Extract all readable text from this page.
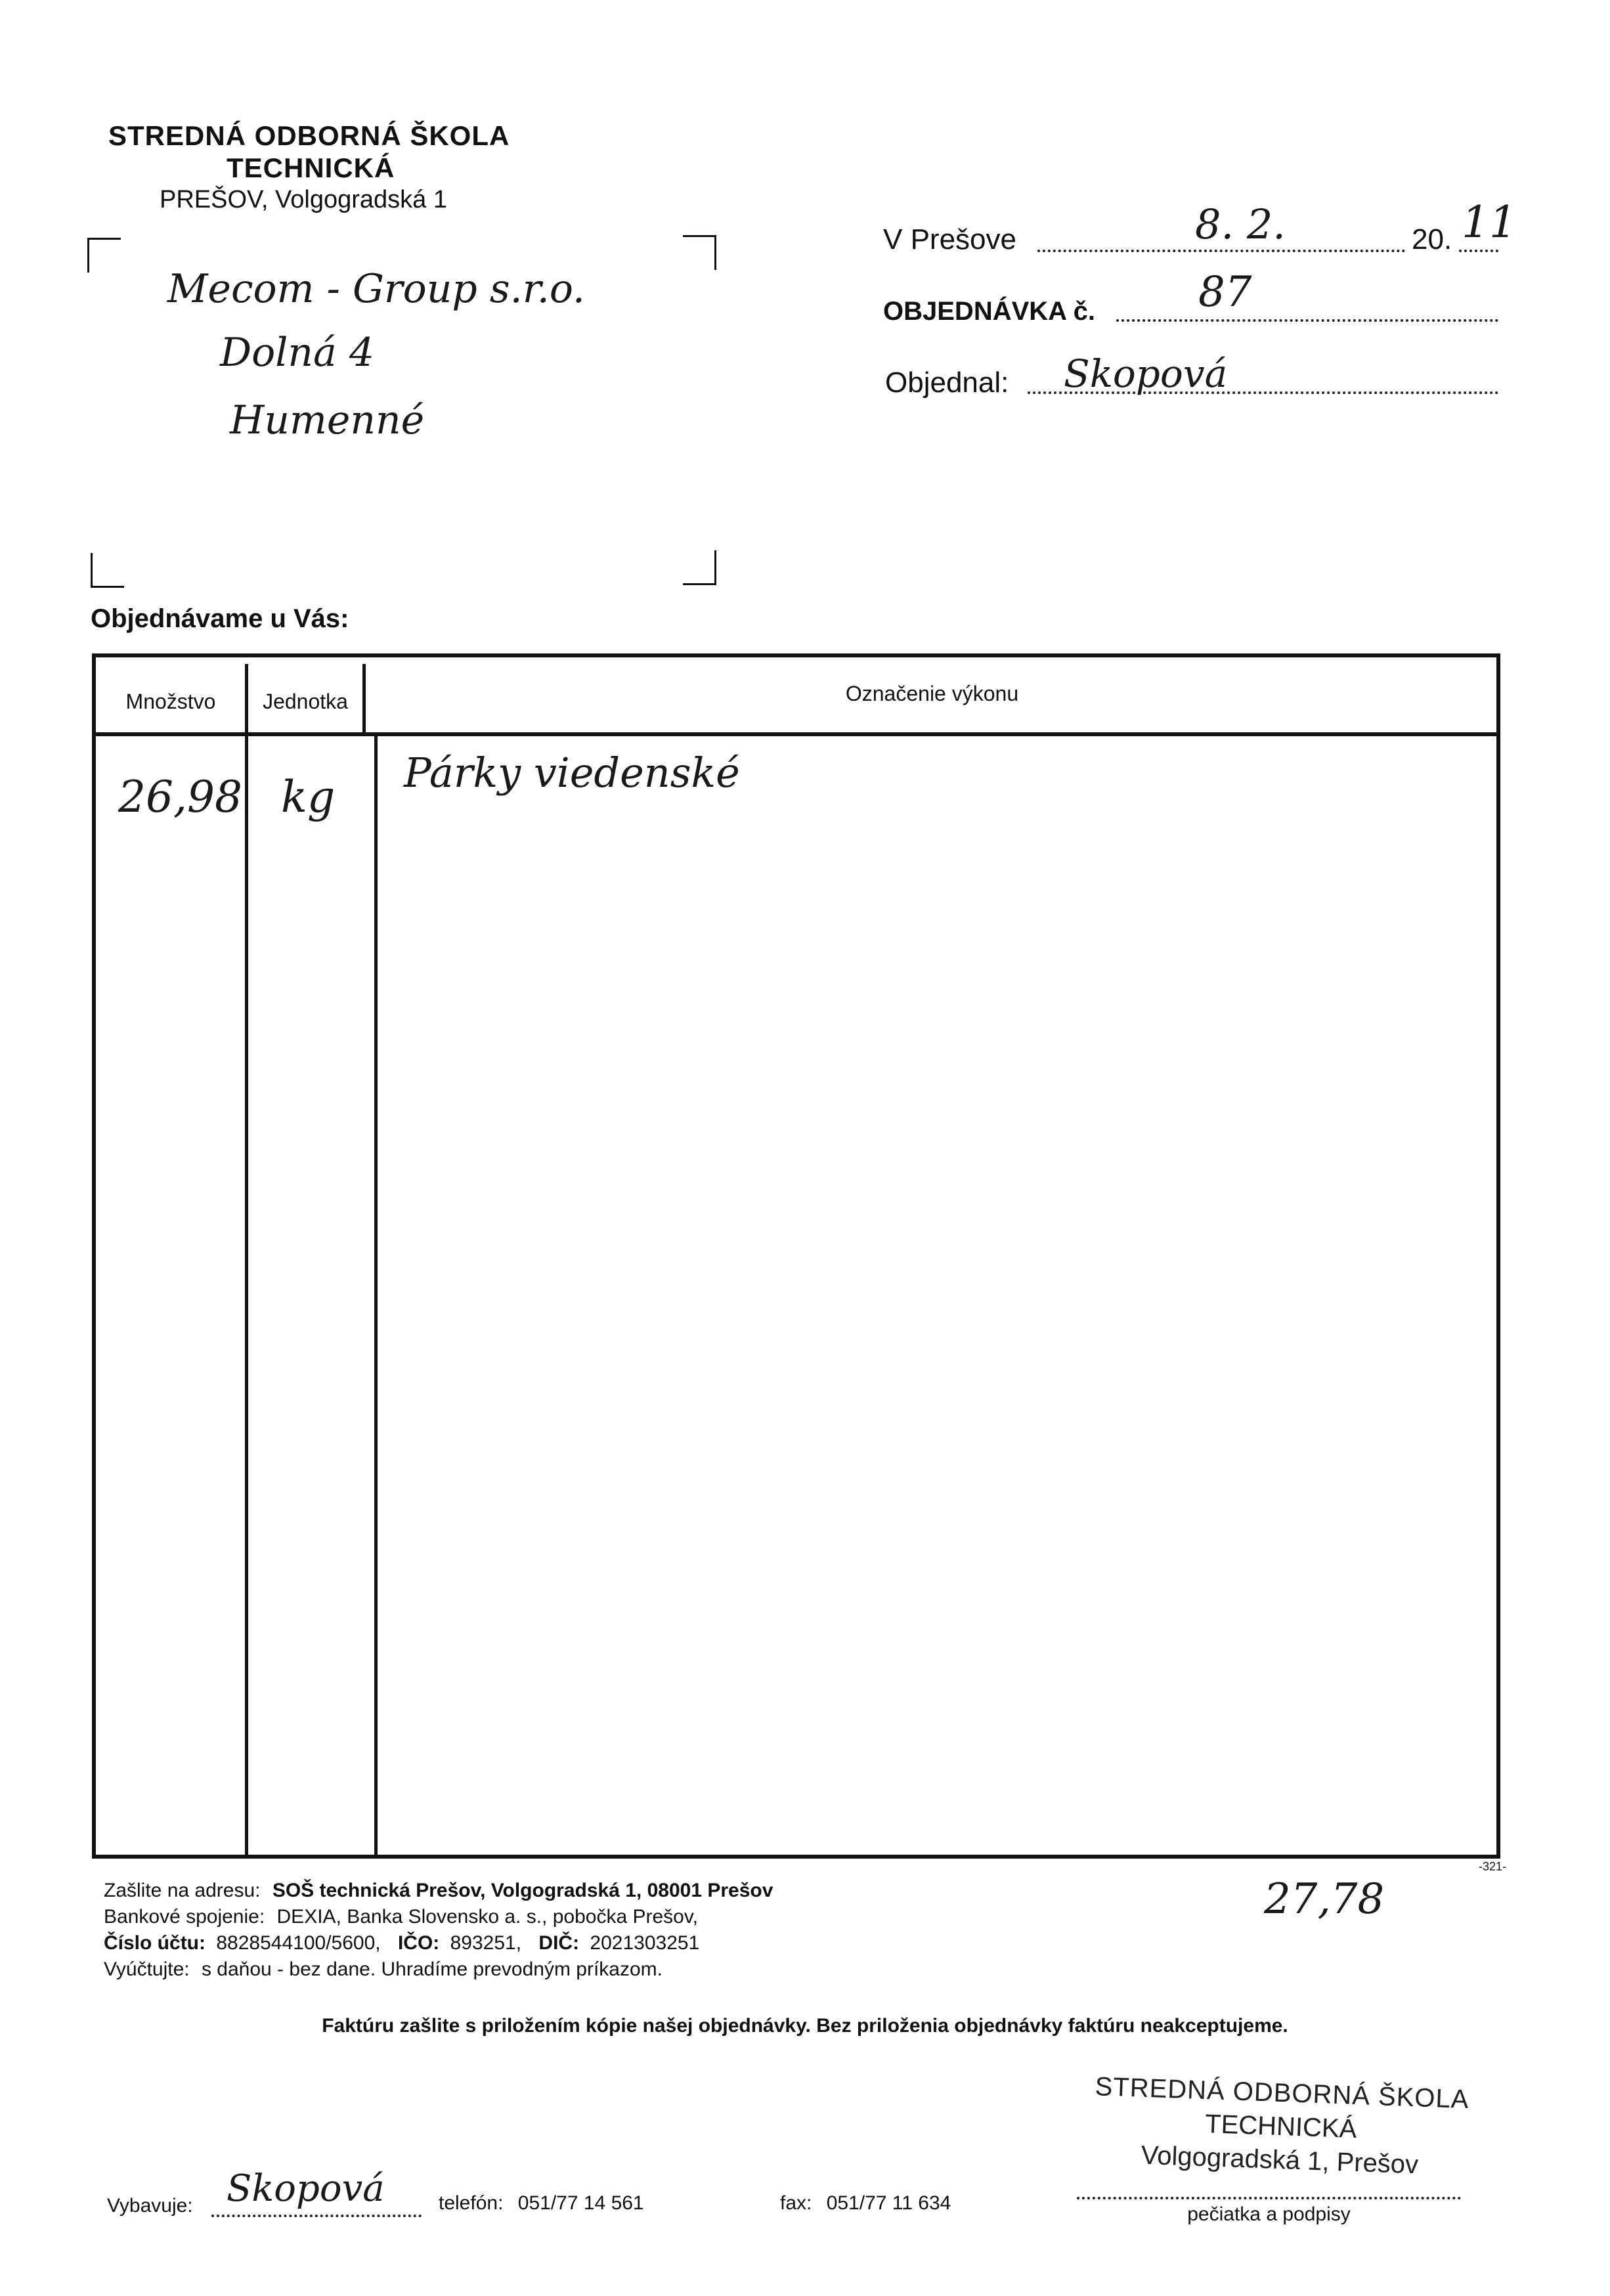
STREDNÁ ODBORNÁ ŠKOLA
TECHNICKÁ
PREŠOV, Volgogradská 1
Mecom - Group s.r.o.
Dolná 4
Humenné
V Prešove	8. 2.	20. 11
OBJEDNÁVKA č. 87
Objednal: Skopová
Objednávame u Vás:
Množstvo	Jednotka	Označenie výkonu
26,98 kg Párky viedenské
-321-
27,78
Zašlite na adresu: SOŠ technická Prešov, Volgogradská 1, 08001 Prešov
Bankové spojenie: DEXIA, Banka Slovensko a. s., pobočka Prešov,
Číslo účtu: 8828544100/5600, IČO: 893251, DIČ: 2021303251
Vyúčtujte: s daňou - bez dane. Uhradíme prevodným príkazom.
Faktúru zašlite s priložením kópie našej objednávky. Bez priloženia objednávky faktúru neakceptujeme.
STREDNÁ ODBORNÁ ŠKOLA
TECHNICKÁ
Volgogradská 1, Prešov
pečiatka a podpisy
Vybavuje: Skopová	telefón: 051/77 14 561	fax: 051/77 11 634
